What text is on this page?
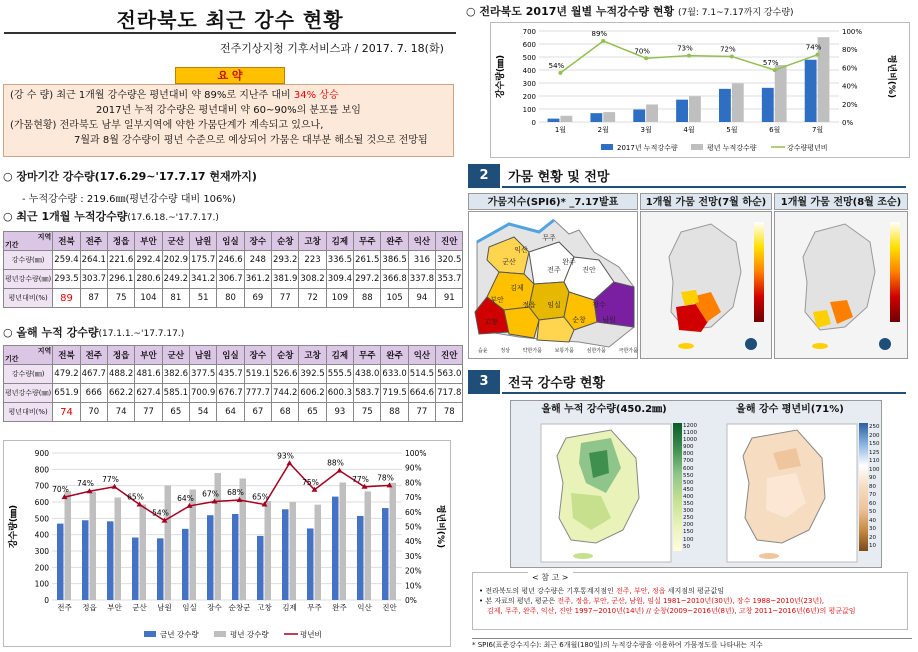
전라북도 최근 강수 현황
전주기상지청 기후서비스과 / 2017. 7. 18(화)
요 약
(강 수 량) 최근 1개월 강수량은 평년대비 약 89%로 지난주 대비 34% 상승
2017년 누적 강수량은 평년대비 약 60~90%의 분포를 보임
(가뭄현황) 전라북도 남부 일부지역에 약한 가뭄단계가 계속되고 있으나,
7월과 8월 강수량이 평년 수준으로 예상되어 가뭄은 대부분 해소될 것으로 전망됨
○ 장마기간 강수량(17.6.29~'17.7.17 현재까지)
- 누적강수량 : 219.6㎜(평년강수량 대비 106%)
○ 최근 1개월 누적강수량(17.6.18.~'17.7.17.)
지역
기간	전북	전주	정읍	부안	군산	남원	임실	장수	순창	고창	김제	무주	완주	익산	진안
강수량(㎜)	259.4	264.1	221.6	292.4	202.9	175.7	246.6	248	293.2	223	336.5	261.5	386.5	316	320.5
평년강수량(㎜)	293.5	303.7	296.1	280.6	249.2	341.2	306.7	361.2	381.9	308.2	309.4	297.2	366.8	337.8	353.7
평년대비(%)	89	87	75	104	81	51	80	69	77	72	109	88	105	94	91
○ 올해 누적 강수량(17.1.1.~'17.7.17.)
지역
기간	전북	전주	정읍	부안	군산	남원	임실	장수	순창	고창	김제	무주	완주	익산	진안
강수량(㎜)	479.2	467.7	488.2	481.6	382.6	377.5	435.7	519.1	526.6	392.5	555.5	438.0	633.0	514.5	563.0
평년강수량(㎜)	651.9	666	662.2	627.4	585.1	700.9	676.7	777.7	744.2	606.2	600.3	583.7	719.5	664.6	717.8
평년대비(%)	74	70	74	77	65	54	64	67	68	65	93	75	88	77	78
0
100
200
300
400
500
600
700
800
900
0%
10%
20%
30%
40%
50%
60%
70%
80%
90%
100%
전주 정읍 부안 군산 남원 임실 장수 순창군 고창 김제 무주 완주 익산 진안
70%
74% 77%
65%
54%
64% 67% 68% 65%
93%
75%
88%
77% 78%
강수량(㎜)	평년비(%)
금년 강수량	평년 강수량	평년비
○ 전라북도 2017년 월별 누적강수량 현황 (7월: 7.1~7.17까지 강수량)
0
100
200
300
400
500
600
700
0%
20%
40%
60%
80%
100%
1월	2월	3월	4월	5월	6월	7월
54%
89%
70%	73%	72%
57%
74%
강수량(㎜)	평년비(%)
2017년 누적강수량	평년 누적강수량	강수량평년비
2	가뭄 현황 및 전망
가뭄지수(SPI6)* _7.17발표	1개월 가뭄 전망(7월 하순)	1개월 가뭄 전망(8월 조순)
무주
익산
완주
진안
군산
전주
김제
장수
부안
순창
정읍 임실
남원
고창
습윤	정상	약한가뭄	보통가뭄	심한가뭄	극한가뭄
3	전국 강수량 현황
올해 누적 강수량(450.2㎜)	올해 강수 평년비(71%)
1200
1100
1000
900
800
700
600
550
500
450
400
350
300
250
200
150
100
50
250
200
150
125
110
100
90
80
70
60
50
40
30
20
10
< 참 고 >
• 전라북도의 평년 강수량은 기후통계지점인 전주, 부안, 정읍 세지점의 평균값임
• 본 자료의 평년, 평균은 전주, 정읍, 부안, 군산, 남원, 임실 1981~2010년(30년), 장수 1988~2010년(23년),
김제, 무주, 완주, 익산, 진안 1997~2010년(14년) // 순창(2009~2016년(8년), 고창 2011~2016년(6년)의 평균값임
* SPI6(표준강수지수): 최근 6개월(180일)의 누적강수량을 이용하여 가뭄정도를 나타내는 지수
